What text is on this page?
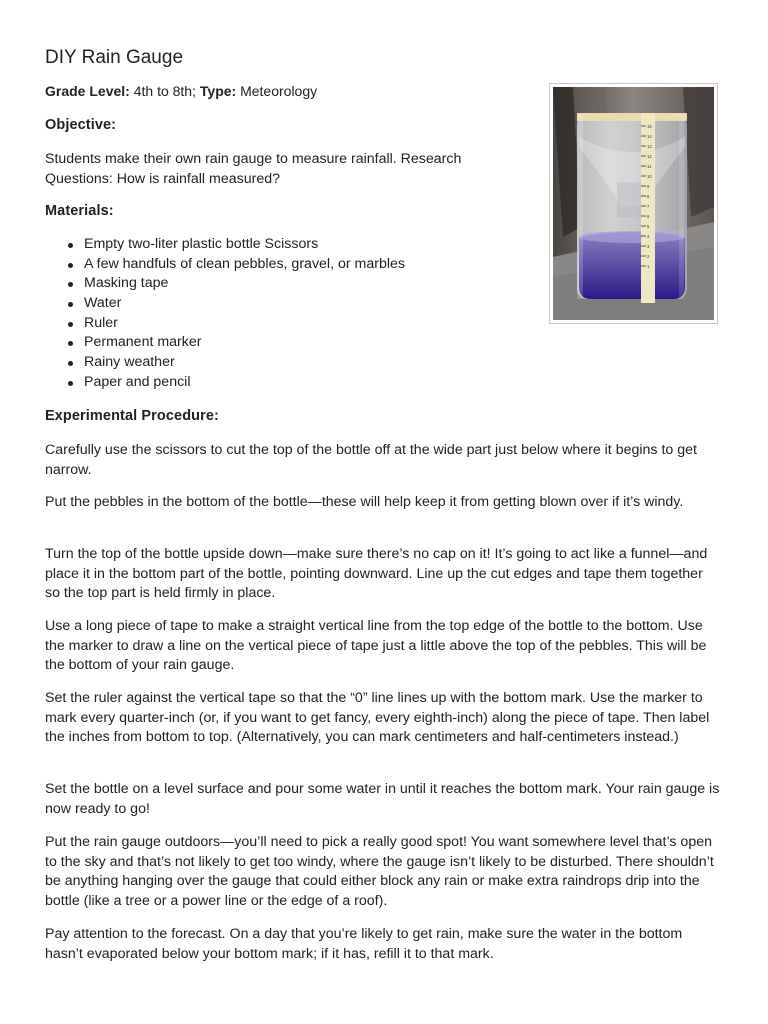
DIY Rain Gauge
Grade Level: 4th to 8th; Type: Meteorology
Objective:

Students make their own rain gauge to measure rainfall. Research Questions: How is rainfall measured?

Materials:
Empty two-liter plastic bottle Scissors
A few handfuls of clean pebbles, gravel, or marbles
Masking tape
Water
Ruler
Permanent marker
Rainy weather
Paper and pencil
Experimental Procedure:

Carefully use the scissors to cut the top of the bottle off at the wide part just below where it begins to get narrow.

Put the pebbles in the bottom of the bottle—these will help keep it from getting blown over if it’s windy.

Turn the top of the bottle upside down—make sure there’s no cap on it! It’s going to act like a funnel—and place it in the bottom part of the bottle, pointing downward. Line up the cut edges and tape them together so the top part is held firmly in place.

Use a long piece of tape to make a straight vertical line from the top edge of the bottle to the bottom. Use the marker to draw a line on the vertical piece of tape just a little above the top of the pebbles. This will be the bottom of your rain gauge.

Set the ruler against the vertical tape so that the “0” line lines up with the bottom mark. Use the marker to mark every quarter-inch (or, if you want to get fancy, every eighth-inch) along the piece of tape. Then label the inches from bottom to top. (Alternatively, you can mark centimeters and half-centimeters instead.)

Set the bottle on a level surface and pour some water in until it reaches the bottom mark. Your rain gauge is now ready to go!

Put the rain gauge outdoors—you’ll need to pick a really good spot! You want somewhere level that’s open to the sky and that’s not likely to get too windy, where the gauge isn’t likely to be disturbed. There shouldn’t be anything hanging over the gauge that could either block any rain or make extra raindrops drip into the bottle (like a tree or a power line or the edge of a roof).

Pay attention to the forecast. On a day that you’re likely to get rain, make sure the water in the bottom hasn’t evaporated below your bottom mark; if it has, refill it to that mark.

15
14
13
12
11
10
9
8
7
6
5
4
3
2
1
